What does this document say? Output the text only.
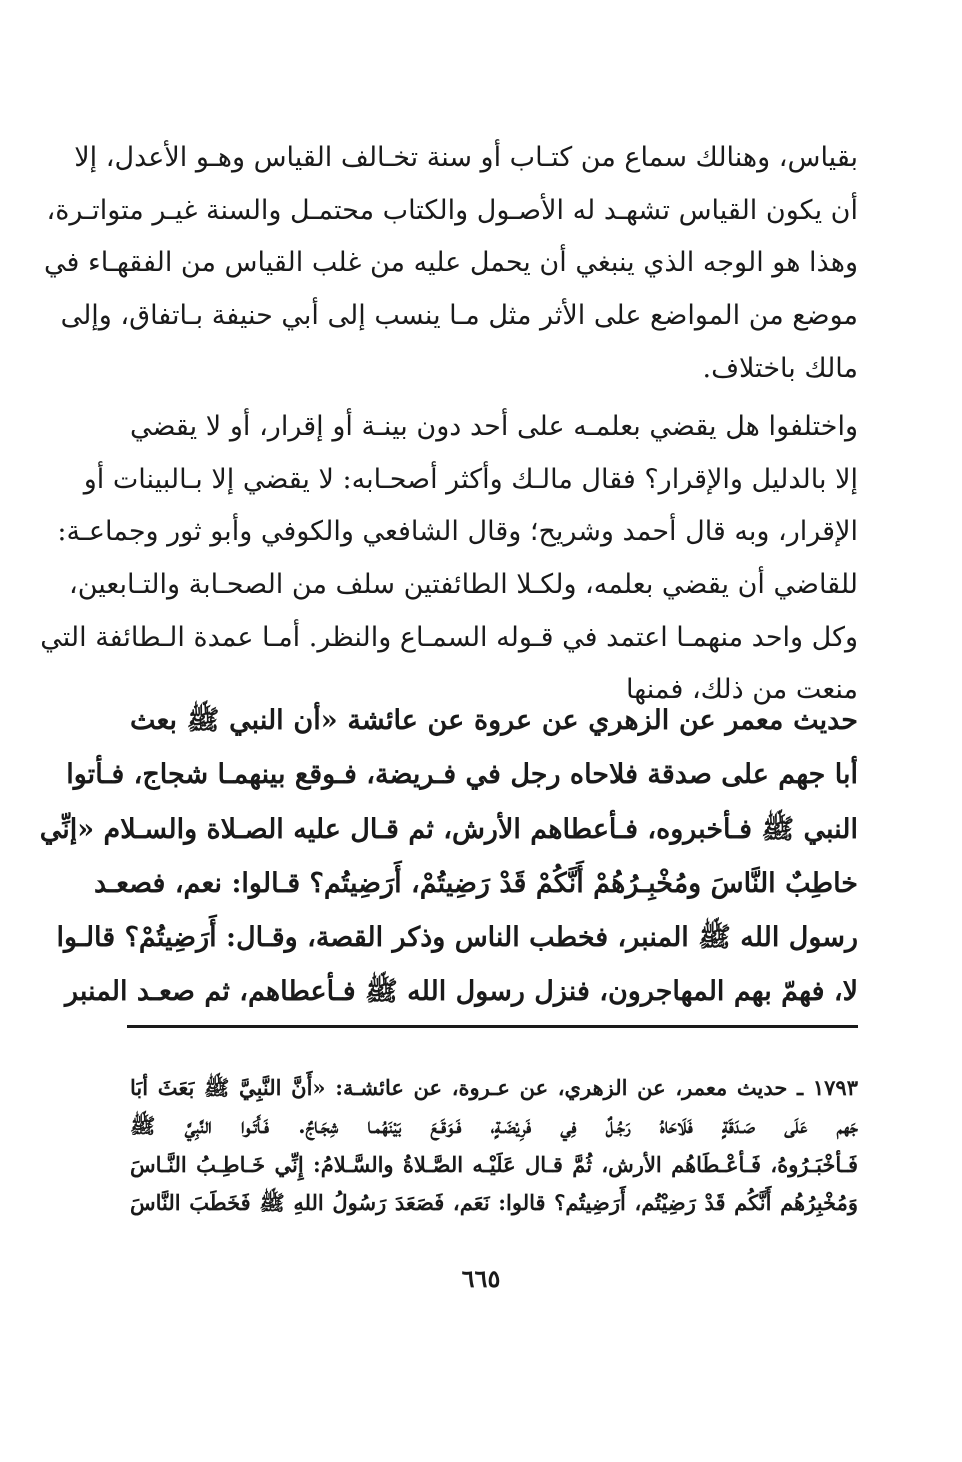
بقياس، وهنالك سماع من كتـاب أو سنة تخـالف القياس وهـو الأعدل، إلا
أن يكون القياس تشهـد له الأصـول والكتاب محتمـل والسنة غيـر متواتـرة،
وهذا هو الوجه الذي ينبغي أن يحمل عليه من غلب القياس من الفقهـاء في
موضع من المواضع على الأثر مثل مـا ينسب إلى أبي حنيفة بـاتفاق، وإلى
مالك باختلاف.
واختلفوا هل يقضي بعلمـه على أحد دون بينـة أو إقرار، أو لا يقضي
إلا بالدليل والإقرار؟ فقال مالـك وأكثر أصحـابه: لا يقضي إلا بـالبينات أو
الإقرار، وبه قال أحمد وشريح؛ وقال الشافعي والكوفي وأبو ثور وجماعـة:
للقاضي أن يقضي بعلمه، ولكـلا الطائفتين سلف من الصحـابة والتـابعين،
وكل واحد منهمـا اعتمد في قـوله السمـاع والنظر. أمـا عمدة الـطائفة التي
منعت من ذلك، فمنها
حديث معمر عن الزهري عن عروة عن عائشة «أن النبي ﷺ بعث
أبا جهم على صدقة فلاحاه رجل في فـريضة، فـوقع بينهمـا شجاج، فـأتوا
النبي ﷺ فـأخبروه، فـأعطاهم الأرش، ثم قـال عليه الصـلاة والسـلام «إنِّي
خاطِبٌ النَّاسَ ومُخْبِـرُهُمْ أَنَّكُمْ قَدْ رَضِيتُمْ، أَرَضِيتُم؟ قـالوا: نعم، فصعـد
رسول الله ﷺ المنبر، فخطب الناس وذكر القصة، وقـال: أَرَضِيتُمْ؟ قالـوا
لا، فهمّ بهم المهاجرون، فنزل رسول الله ﷺ فـأعطاهم، ثم صعـد المنبر
١٧٩٣ ـ حديث معمر، عن الزهري، عن عـروة، عن عائشـة: «أَنَّ النَّبِيَّ ﷺ بَعَثَ أبَا
جَهم عَلَى صَـدَقَةٍ فَلَاحَاهُ رَجُـلٌ فِي فَرِيْضَـةٍ، فَـوَقَـعَ بَيْنَهُمـا شِجَـاجٌ. فَـأَتَـوا النَّبِيَّ ﷺ
فَـأخْبَـرُوهُ، فَـأعْـطَاهُم الأرش، ثُمَّ قـال عَلَيْـه الصَّـلاةُ والسَّـلامُ: إِنِّي خَـاطِـبُ النَّـاسَ
وَمُخْبِرُهُم أَنَّكُم قَدْ رَضِيْتُم، أَرَضِيتُم؟ قالوا: نَعَم، فَصَعَدَ رَسُولُ اللهِ ﷺ فَخَطَبَ النَّاسَ
٦٦٥
